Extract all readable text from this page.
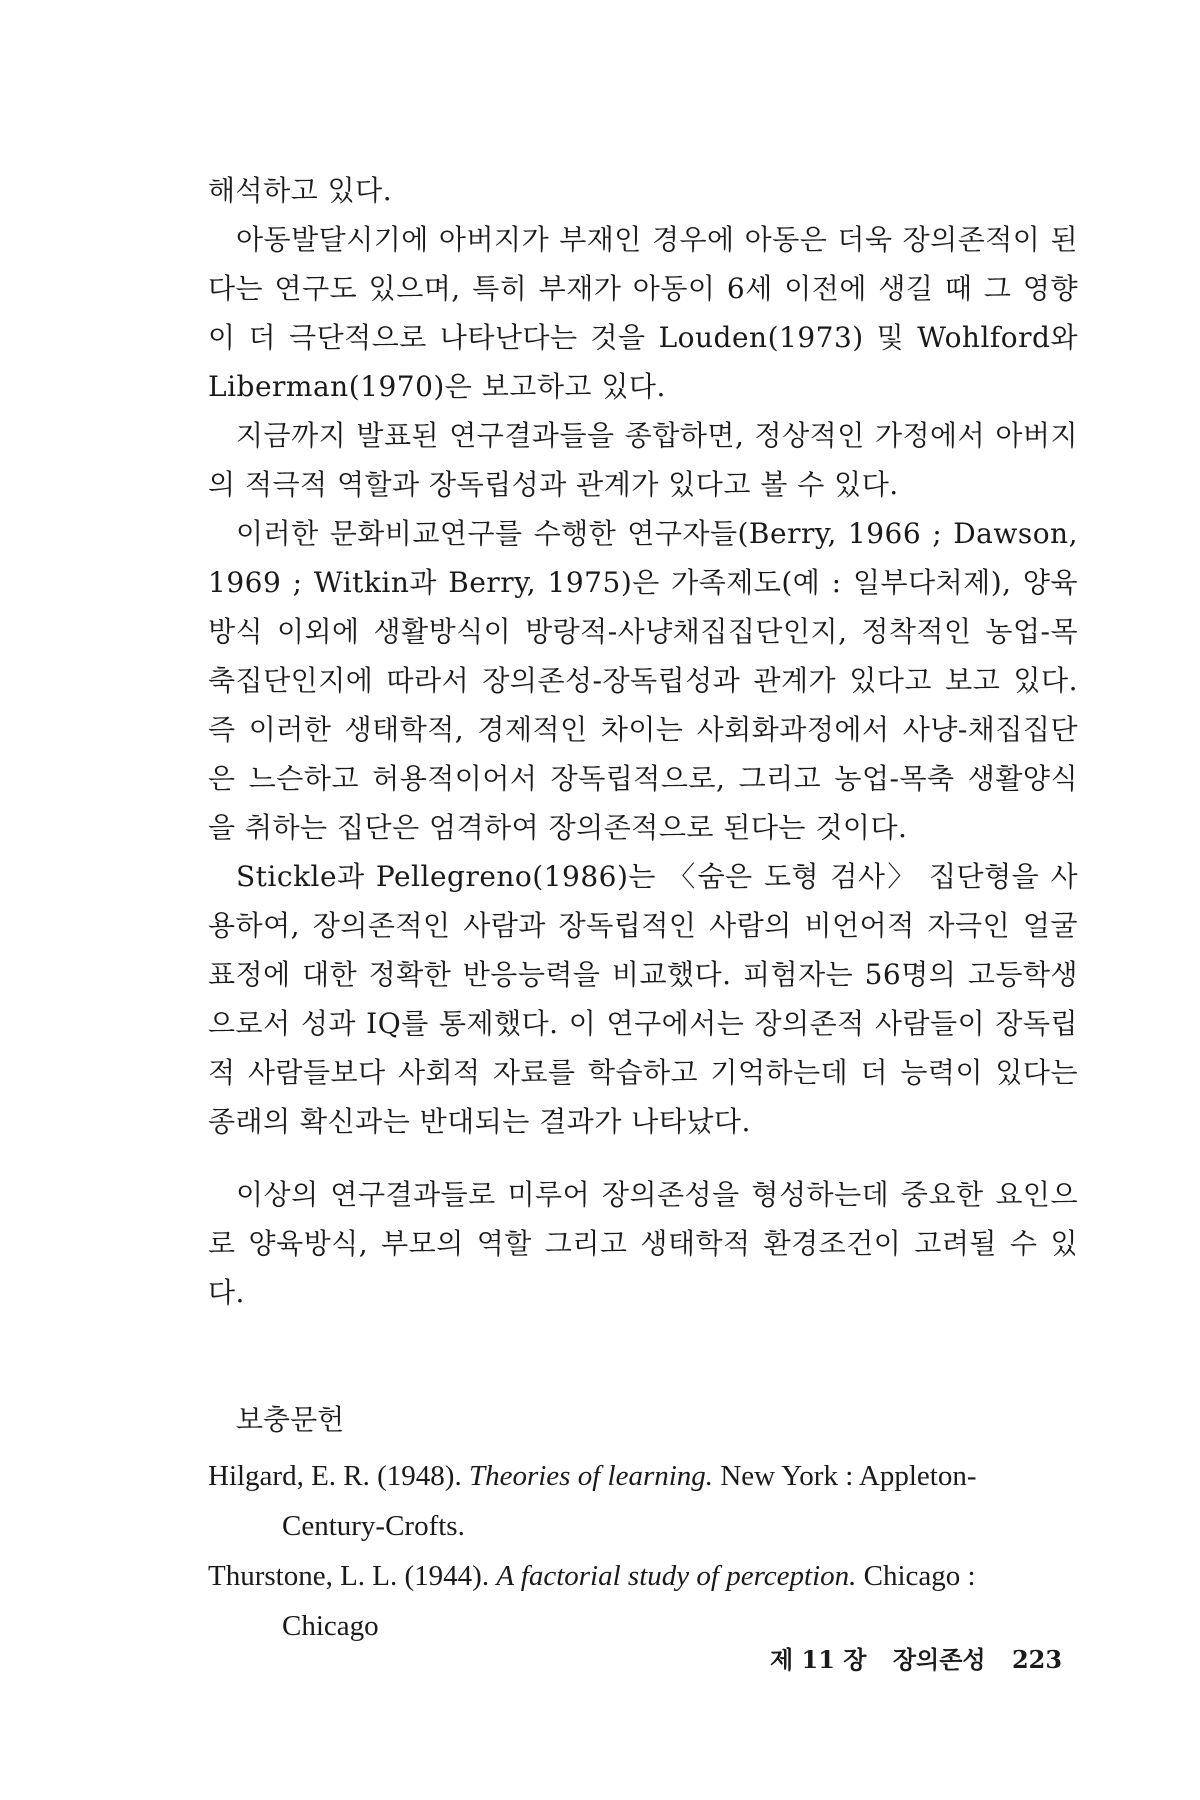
해석하고 있다.

아동발달시기에 아버지가 부재인 경우에 아동은 더욱 장의존적이 된다는 연구도 있으며, 특히 부재가 아동이 6세 이전에 생길 때 그 영향이 더 극단적으로 나타난다는 것을 Louden(1973) 및 Wohlford와 Liberman(1970)은 보고하고 있다.

지금까지 발표된 연구결과들을 종합하면, 정상적인 가정에서 아버지의 적극적 역할과 장독립성과 관계가 있다고 볼 수 있다.

이러한 문화비교연구를 수행한 연구자들(Berry, 1966 ; Dawson, 1969 ; Witkin과 Berry, 1975)은 가족제도(예 : 일부다처제), 양육방식 이외에 생활방식이 방랑적-사냥채집집단인지, 정착적인 농업-목축집단인지에 따라서 장의존성-장독립성과 관계가 있다고 보고 있다. 즉 이러한 생태학적, 경제적인 차이는 사회화과정에서 사냥-채집집단은 느슨하고 허용적이어서 장독립적으로, 그리고 농업-목축 생활양식을 취하는 집단은 엄격하여 장의존적으로 된다는 것이다.

Stickle과 Pellegreno(1986)는 〈숨은 도형 검사〉 집단형을 사용하여, 장의존적인 사람과 장독립적인 사람의 비언어적 자극인 얼굴표정에 대한 정확한 반응능력을 비교했다. 피험자는 56명의 고등학생으로서 성과 IQ를 통제했다. 이 연구에서는 장의존적 사람들이 장독립적 사람들보다 사회적 자료를 학습하고 기억하는데 더 능력이 있다는 종래의 확신과는 반대되는 결과가 나타났다.

이상의 연구결과들로 미루어 장의존성을 형성하는데 중요한 요인으로 양육방식, 부모의 역할 그리고 생태학적 환경조건이 고려될 수 있다.

보충문헌

Hilgard, E. R. (1948). Theories of learning. New York : Appleton-Century-Crofts.

Thurstone, L. L. (1944). A factorial study of perception. Chicago : Chicago

제 11 장 장의존성 223
